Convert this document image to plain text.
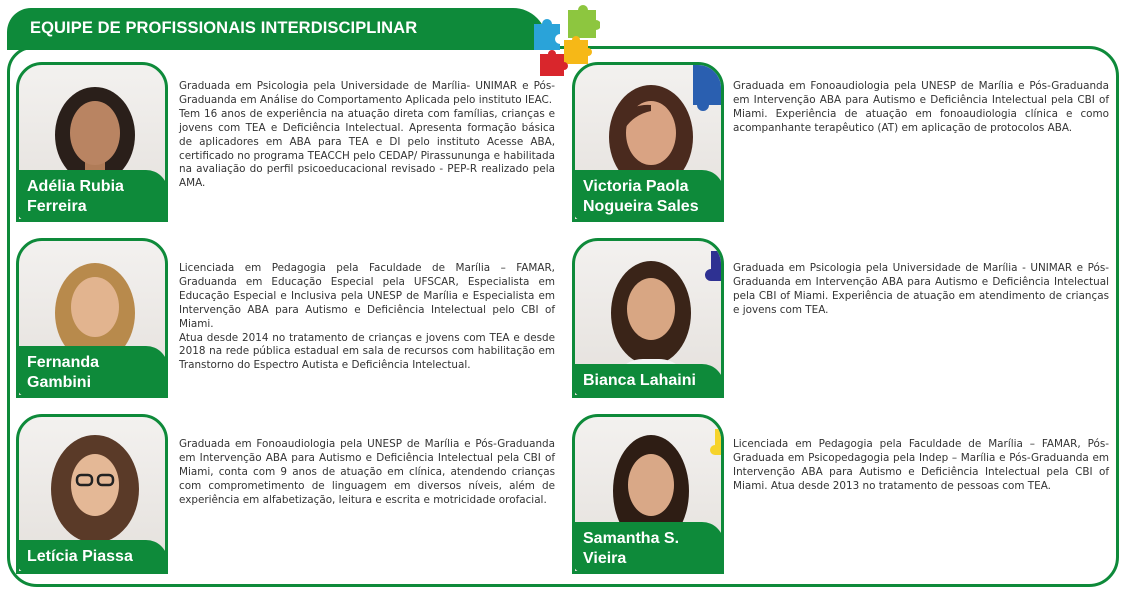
EQUIPE DE PROFISSIONAIS INTERDISCIPLINAR
Adélia Rubia
Ferreira
Graduada em Psicologia pela Universidade de Marília- UNIMAR e Pós-Graduanda em Análise do Comportamento Aplicada pelo instituto IEAC.
Tem 16 anos de experiência na atuação direta com famílias, crianças e jovens com TEA e Deficiência Intelectual. Apresenta formação básica de aplicadores em ABA para TEA e DI pelo instituto Acesse ABA, certificado no programa TEACCH pelo CEDAP/ Pirassununga e habilitada na avaliação do perfil psicoeducacional revisado - PEP-R realizado pela AMA.	Victoria Paola
Nogueira Sales
Graduada em Fonoaudiologia pela UNESP de Marília e Pós-Graduanda em Intervenção ABA para Autismo e Deficiência Intelectual pela CBI of Miami. Experiência de atuação em fonoaudiologia clínica e como acompanhante terapêutico (AT) em aplicação de protocolos ABA.
Fernanda
Gambini
Licenciada em Pedagogia pela Faculdade de Marília – FAMAR, Graduanda em Educação Especial pela UFSCAR, Especialista em Educação Especial e Inclusiva pela UNESP de Marília e Especialista em Intervenção ABA para Autismo e Deficiência Intelectual pelo CBI of Miami.
Atua desde 2014 no tratamento de crianças e jovens com TEA e desde 2018 na rede pública estadual em sala de recursos com habilitação em Transtorno do Espectro Autista e Deficiência Intelectual.
Bianca Lahaini
Graduada em Psicologia pela Universidade de Marília - UNIMAR e Pós-Graduanda em Intervenção ABA para Autismo e Deficiência Intelectual pela CBI of Miami. Experiência de atuação em atendimento de crianças e jovens com TEA.
Letícia Piassa
Graduada em Fonoaudiologia pela UNESP de Marília e Pós-Graduanda em Intervenção ABA para Autismo e Deficiência Intelectual pela CBI of Miami, conta com 9 anos de atuação em clínica, atendendo crianças com comprometimento de linguagem em diversos níveis, além de experiência em alfabetização, leitura e escrita e motricidade orofacial.
Samantha S.
Vieira
Licenciada em Pedagogia pela Faculdade de Marília – FAMAR, Pós-Graduada em Psicopedagogia pela Indep – Marília e Pós-Graduanda em Intervenção ABA para Autismo e Deficiência Intelectual pela CBI of Miami. Atua desde 2013 no tratamento de pessoas com TEA.
